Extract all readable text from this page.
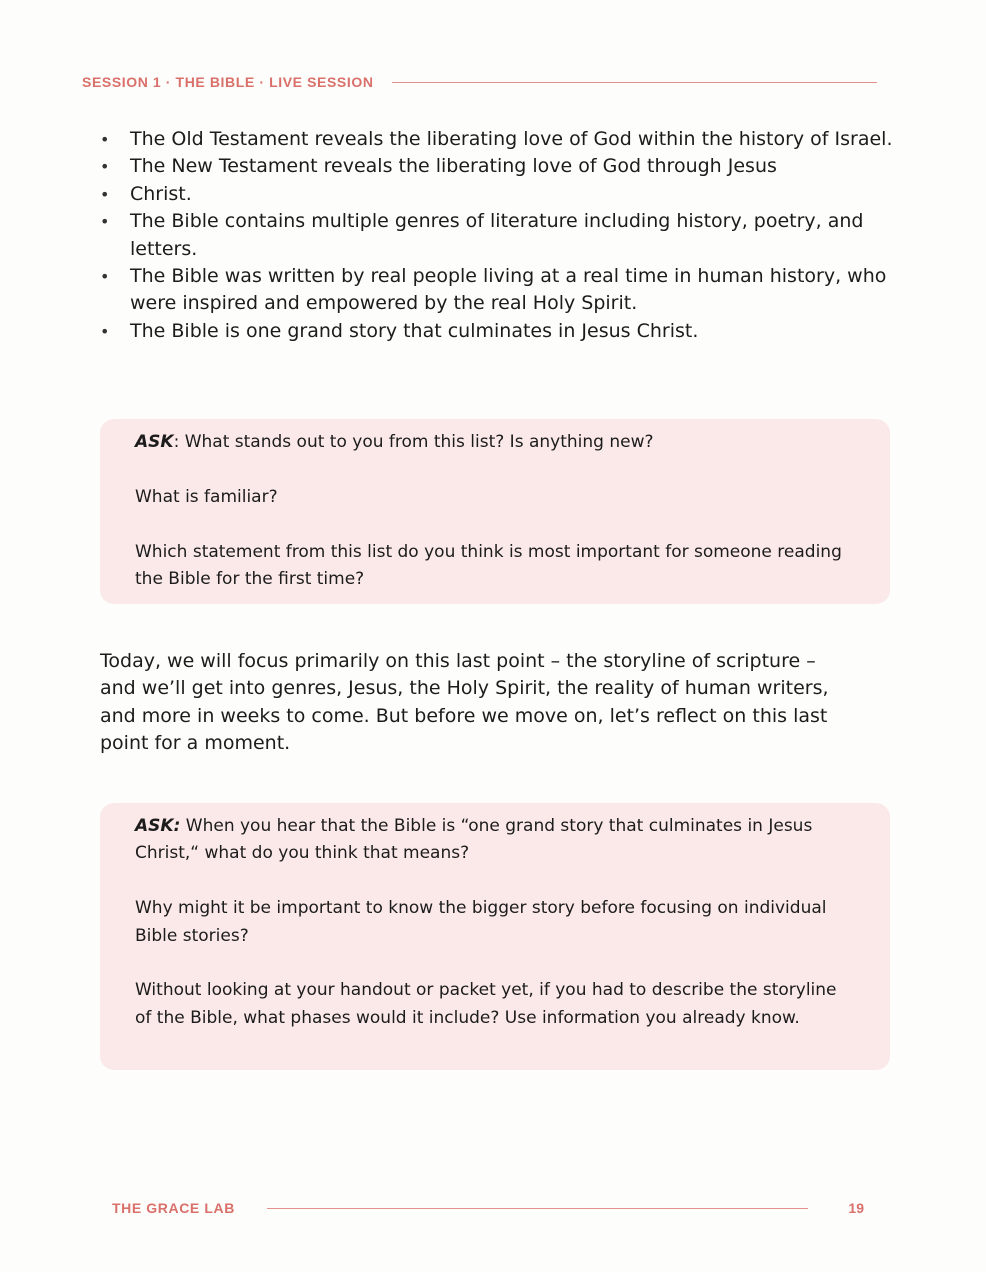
SESSION 1 · THE BIBLE · LIVE SESSION
• The Old Testament reveals the liberating love of God within the history of Israel.
• The New Testament reveals the liberating love of God through Jesus
• Christ.
• The Bible contains multiple genres of literature including history, poetry, and letters.
• The Bible was written by real people living at a real time in human history, who were inspired and empowered by the real Holy Spirit.
• The Bible is one grand story that culminates in Jesus Christ.

ASK: What stands out to you from this list? Is anything new?

What is familiar?

Which statement from this list do you think is most important for someone reading the Bible for the first time?

Today, we will focus primarily on this last point – the storyline of scripture – and we’ll get into genres, Jesus, the Holy Spirit, the reality of human writers, and more in weeks to come. But before we move on, let’s reflect on this last point for a moment.

ASK: When you hear that the Bible is “one grand story that culminates in Jesus Christ,“ what do you think that means?

Why might it be important to know the bigger story before focusing on individual Bible stories?

Without looking at your handout or packet yet, if you had to describe the storyline of the Bible, what phases would it include? Use information you already know.

THE GRACE LAB	19
